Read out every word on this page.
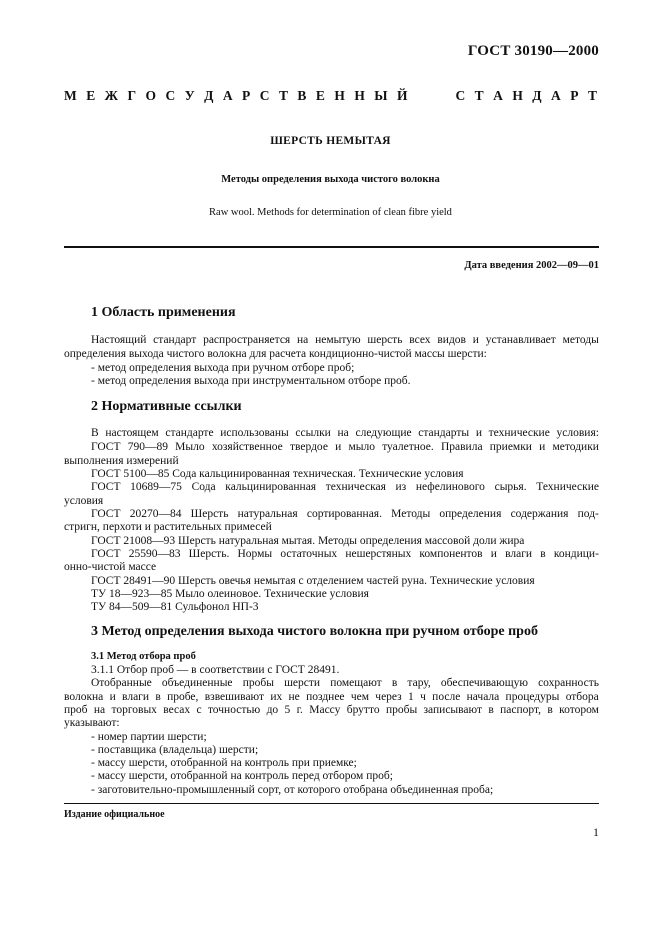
ГОСТ 30190—2000
М Е Ж Г О С У Д А Р С Т В Е Н Н Ы Й

	С Т А Н Д А Р Т
ШЕРСТЬ НЕМЫТАЯ
Методы определения выхода чистого волокна
Raw wool. Methods for determination of clean fibre yield
Дата введения 2002—09—01
1 Область применения
Настоящий стандарт распространяется на немытую шерсть всех видов и устанавливает методы
определения выхода чистого волокна для расчета кондиционно-чистой массы шерсти:
- метод определения выхода при ручном отборе проб;
- метод определения выхода при инструментальном отборе проб.
2 Нормативные ссылки
В настоящем стандарте использованы ссылки на следующие стандарты и технические условия:
ГОСТ 790—89 Мыло хозяйственное твердое и мыло туалетное. Правила приемки и методики
выполнения измерений
ГОСТ 5100—85 Сода кальцинированная техническая. Технические условия
ГОСТ 10689—75 Сода кальцинированная техническая из нефелинового сырья. Технические
условия
ГОСТ 20270—84 Шерсть натуральная сортированная. Методы определения содержания под-
стригн, перхоти и растительных примесей
ГОСТ 21008—93 Шерсть натуральная мытая. Методы определения массовой доли жира
ГОСТ 25590—83 Шерсть. Нормы остаточных нешерстяных компонентов и влаги в кондици-
онно-чистой массе
ГОСТ 28491—90 Шерсть овечья немытая с отделением частей руна. Технические условия
ТУ 18—923—85 Мыло олеиновое. Технические условия
ТУ 84—509—81 Сульфонол НП-3
3 Метод определения выхода чистого волокна при ручном отборе проб
3.1 Метод отбора проб
3.1.1 Отбор проб — в соответствии с ГОСТ 28491.
Отобранные объединенные пробы шерсти помещают в тару, обеспечивающую сохранность
волокна и влаги в пробе, взвешивают их не позднее чем через 1 ч после начала процедуры отбора
проб на торговых весах с точностью до 5 г. Массу брутто пробы записывают в паспорт, в котором
указывают:
- номер партии шерсти;
- поставщика (владельца) шерсти;
- массу шерсти, отобранной на контроль при приемке;
- массу шерсти, отобранной на контроль перед отбором проб;
- заготовительно-промышленный сорт, от которого отобрана объединенная проба;
Издание официальное
1
